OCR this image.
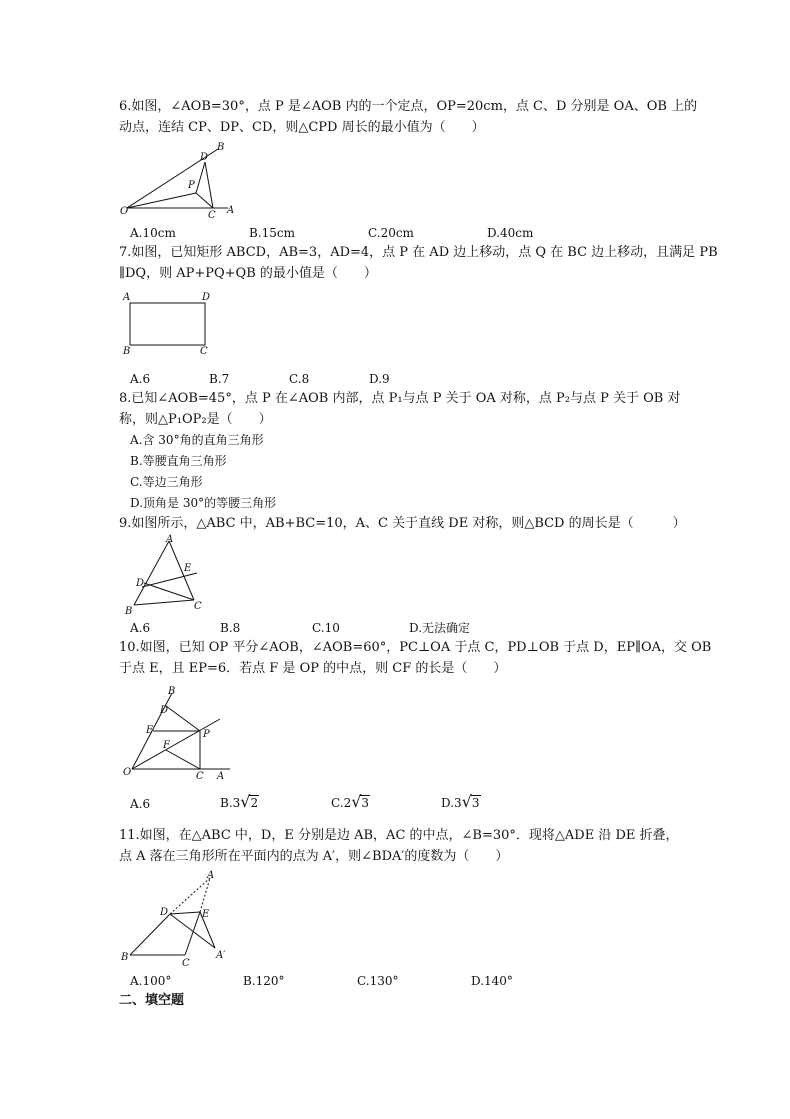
6.如图，∠AOB=30°，点 P 是∠AOB 内的一个定点，OP=20cm，点 C、D 分别是 OA、OB 上的
动点，连结 CP、DP、CD，则△CPD 周长的最小值为（　　）
O	A
B
D
P
C
A.10cm	B.15cm	C.20cm	D.40cm
7.如图，已知矩形 ABCD，AB=3，AD=4，点 P 在 AD 边上移动，点 Q 在 BC 边上移动，且满足 PB
∥DQ，则 AP+PQ+QB 的最小值是（　　）
A	D
B	C
A.6	B.7	C.8	D.9
8.已知∠AOB=45°，点 P 在∠AOB 内部，点 P₁与点 P 关于 OA 对称，点 P₂与点 P 关于 OB 对
称，则△P₁OP₂是（　　）
A.含 30°角的直角三角形
B.等腰直角三角形
C.等边三角形
D.顶角是 30°的等腰三角形
9.如图所示，△ABC 中，AB+BC=10，A、C 关于直线 DE 对称，则△BCD 的周长是（　　　）
A
E
D
B	C
A.6	B.8	C.10	D.无法确定
10.如图，已知 OP 平分∠AOB，∠AOB=60°，PC⊥OA 于点 C，PD⊥OB 于点 D，EP∥OA，交 OB
于点 E，且 EP=6．若点 F 是 OP 的中点，则 CF 的长是（　　）
B
D
E	P
F
O	C A
A.6	B.3√2	C.2√3	D.3√3
11.如图，在△ABC 中，D，E 分别是边 AB，AC 的中点，∠B=30°．现将△ADE 沿 DE 折叠，
点 A 落在三角形所在平面内的点为 A′，则∠BDA′的度数为（　　）
A
D	E
B
C
A′
A.100°	B.120°	C.130°	D.140°
二、填空题
